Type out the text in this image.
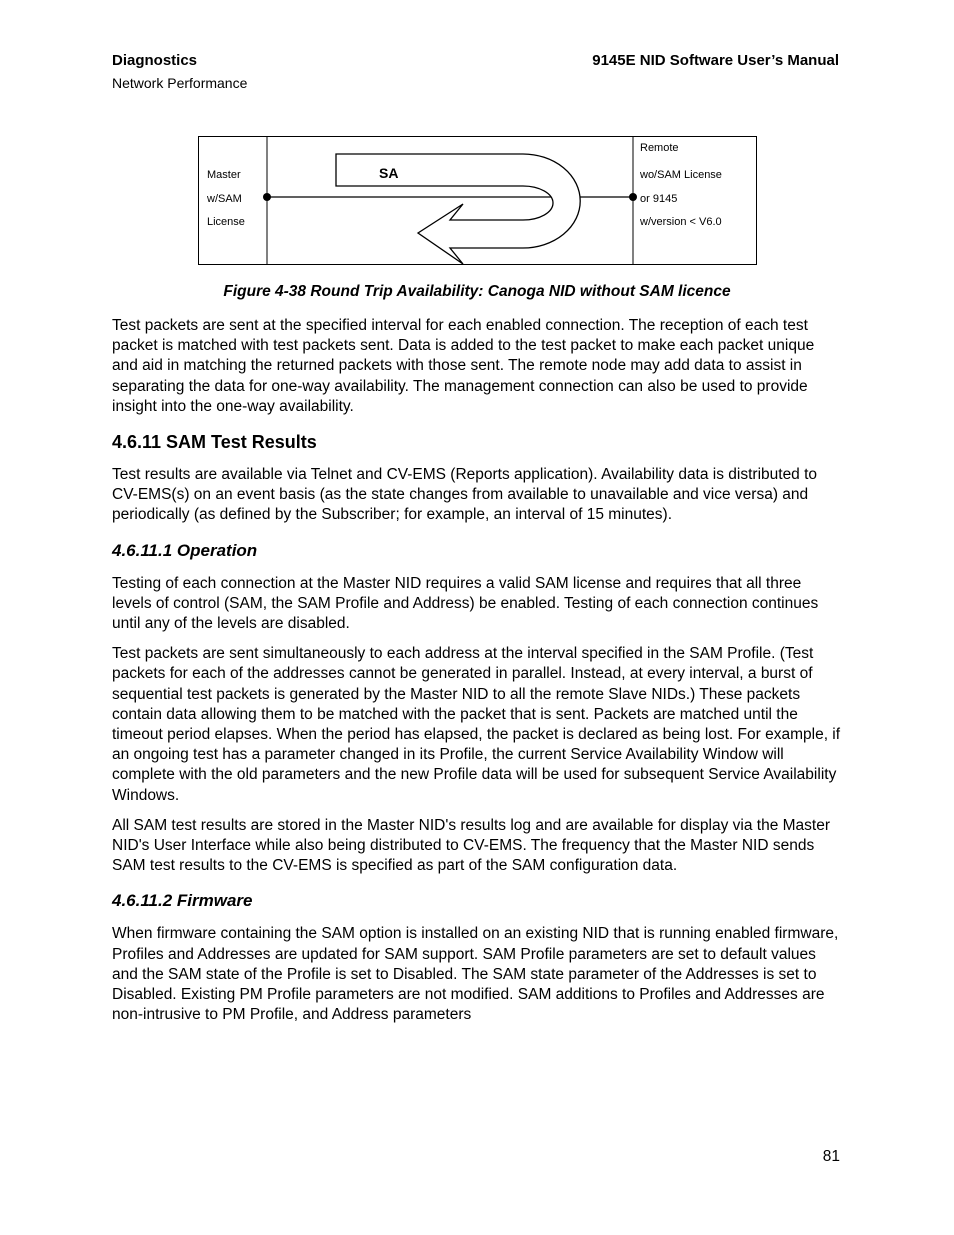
Diagnostics
Network Performance
9145E NID Software User’s Manual
SA
Master
w/SAM
License
Remote
wo/SAM License
or 9145
w/version < V6.0
Figure 4-38 Round Trip Availability: Canoga NID without SAM licence

Test packets are sent at the specified interval for each enabled connection. The reception of each test packet is matched with test packets sent. Data is added to the test packet to make each packet unique and aid in matching the returned packets with those sent. The remote node may add data to assist in separating the data for one-way availability. The management connection can also be used to provide insight into the one-way availability.

4.6.11 SAM Test Results

Test results are available via Telnet and CV-EMS (Reports application). Availability data is distributed to CV-EMS(s) on an event basis (as the state changes from available to unavailable and vice versa) and periodically (as defined by the Subscriber; for example, an interval of 15 minutes).

4.6.11.1 Operation

Testing of each connection at the Master NID requires a valid SAM license and requires that all three levels of control (SAM, the SAM Profile and Address) be enabled. Testing of each connection continues until any of the levels are disabled.

Test packets are sent simultaneously to each address at the interval specified in the SAM Profile. (Test packets for each of the addresses cannot be generated in parallel. Instead, at every interval, a burst of sequential test packets is generated by the Master NID to all the remote Slave NIDs.) These packets contain data allowing them to be matched with the packet that is sent. Packets are matched until the timeout period elapses. When the period has elapsed, the packet is declared as being lost. For example, if an ongoing test has a parameter changed in its Profile, the current Service Availability Window will complete with the old parameters and the new Profile data will be used for subsequent Service Availability Windows.

All SAM test results are stored in the Master NID's results log and are available for display via the Master NID's User Interface while also being distributed to CV-EMS. The frequency that the Master NID sends SAM test results to the CV-EMS is specified as part of the SAM configuration data.

4.6.11.2 Firmware

When firmware containing the SAM option is installed on an existing NID that is running enabled firmware, Profiles and Addresses are updated for SAM support. SAM Profile parameters are set to default values and the SAM state of the Profile is set to Disabled. The SAM state parameter of the Addresses is set to Disabled. Existing PM Profile parameters are not modified. SAM additions to Profiles and Addresses are non-intrusive to PM Profile, and Address parameters

81
